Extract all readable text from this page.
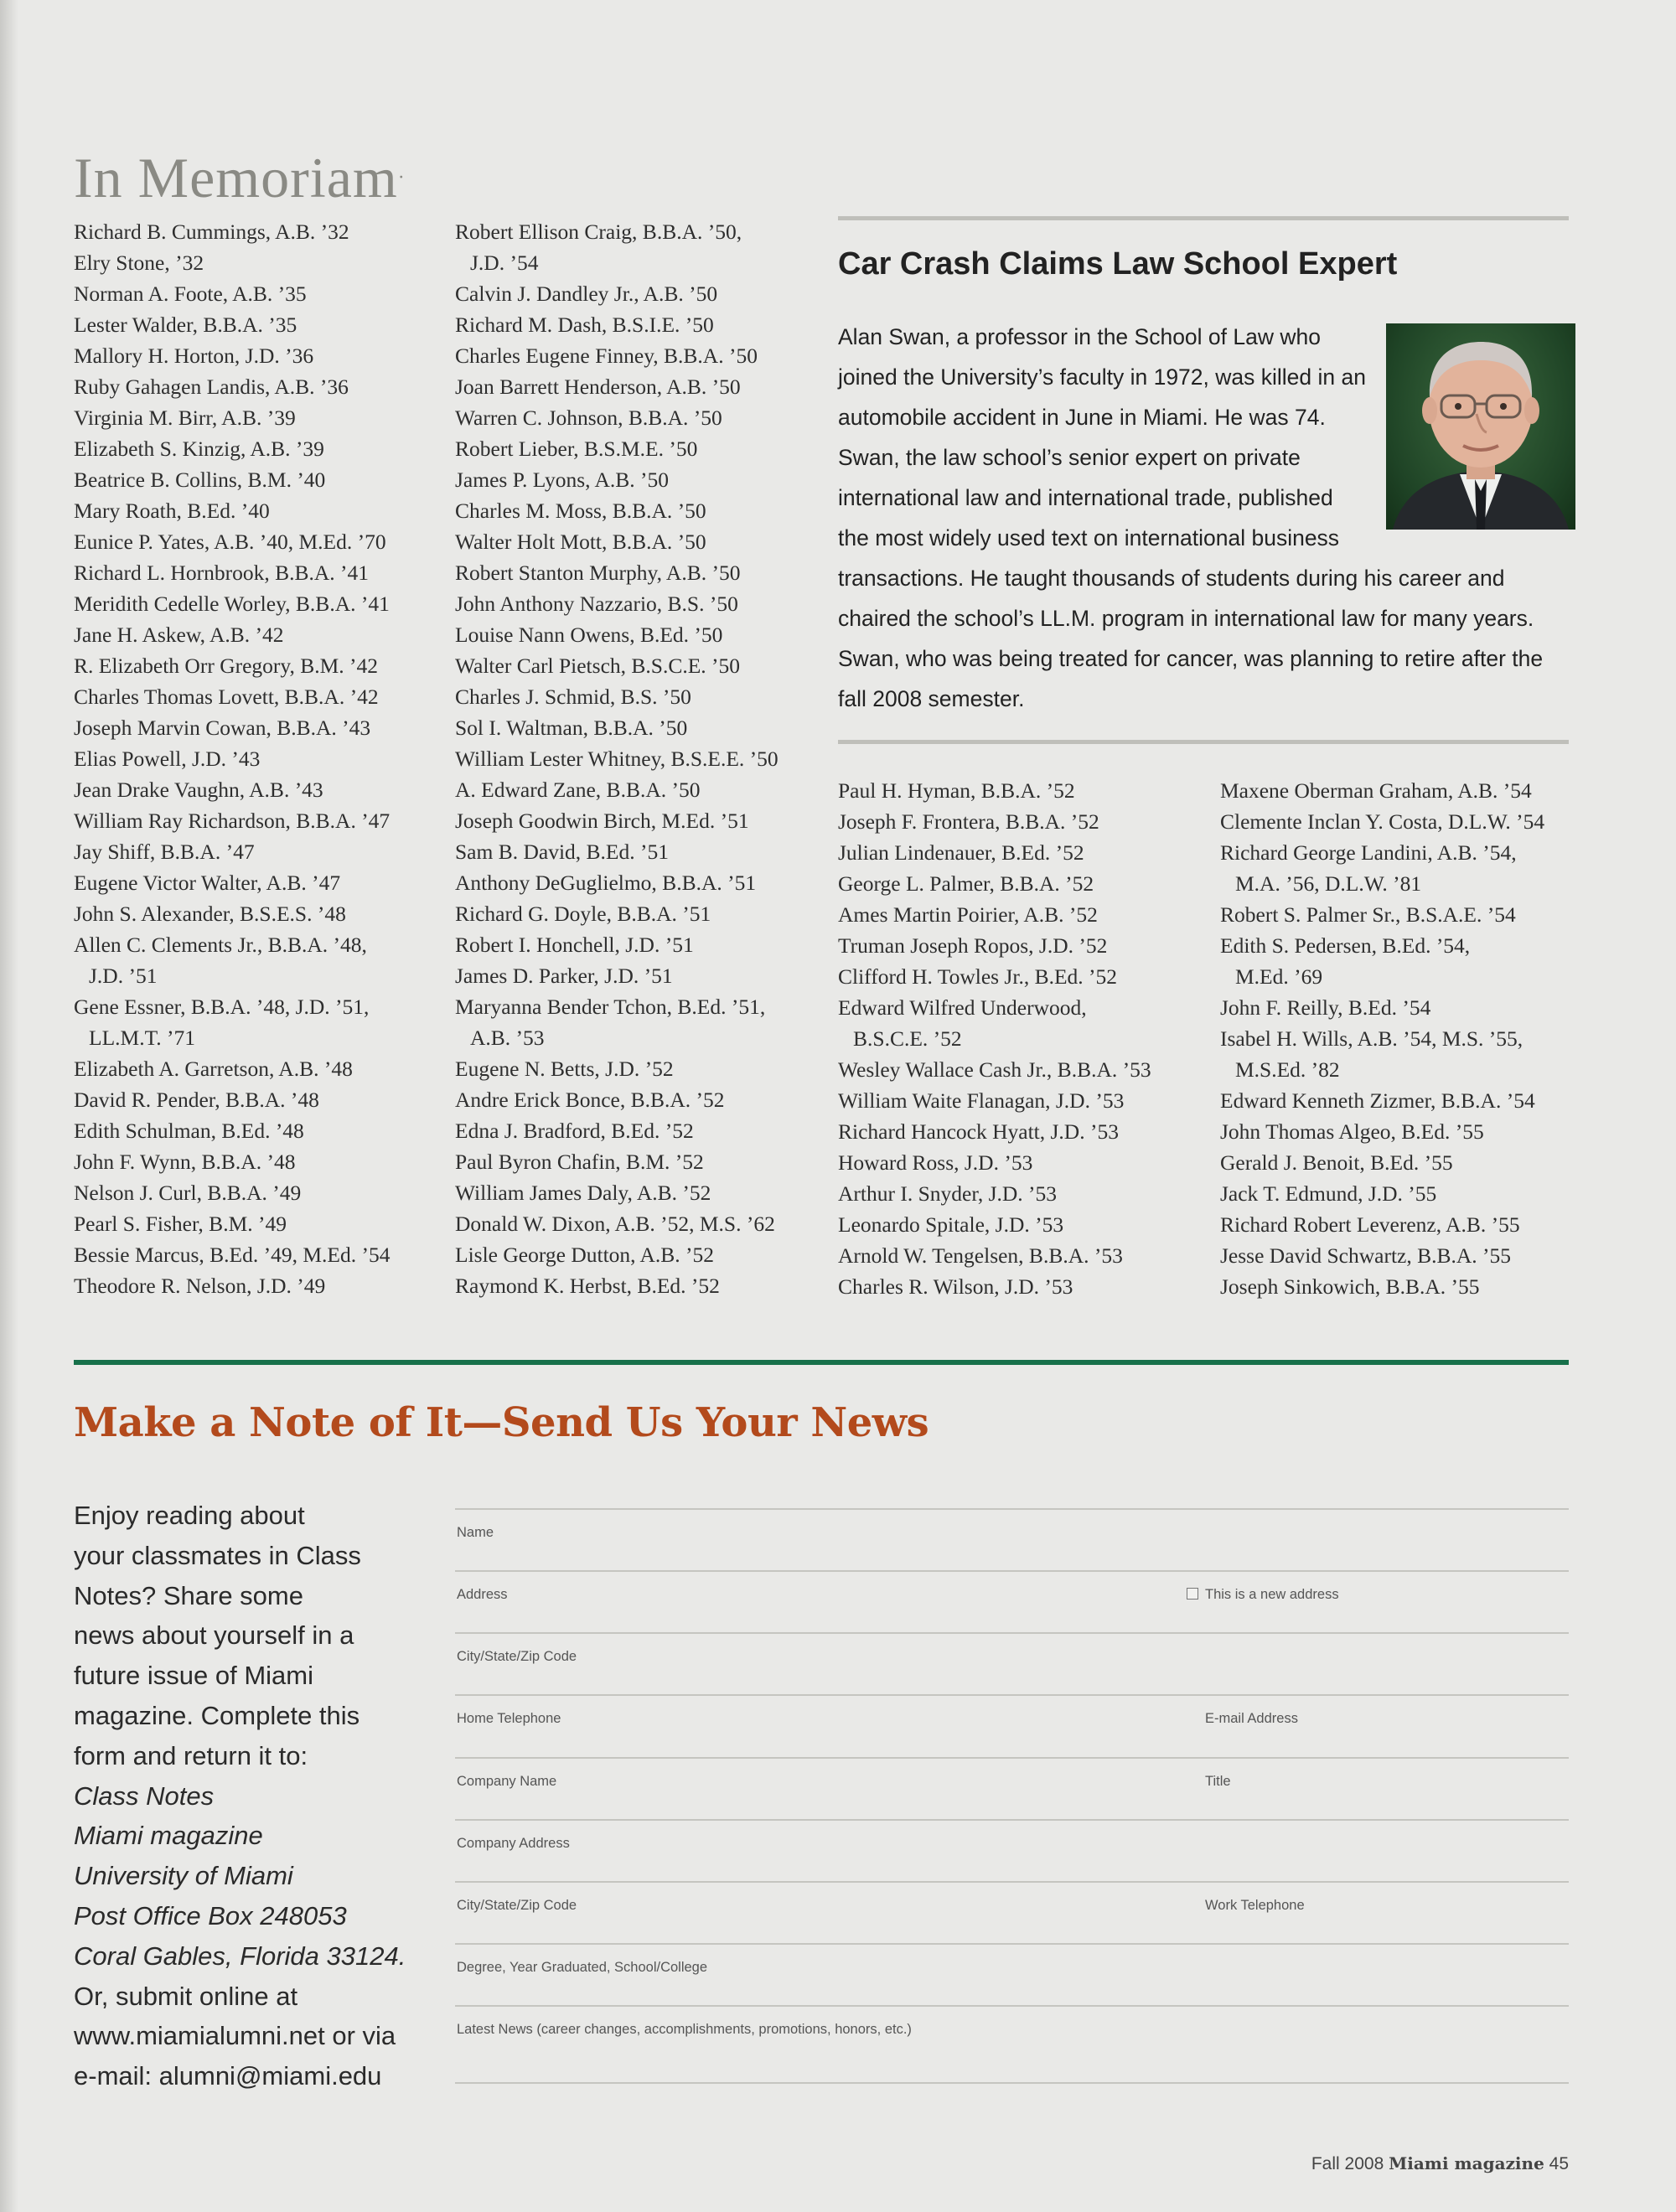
In Memoriam·
Richard B. Cummings, A.B. ’32
Elry Stone, ’32
Norman A. Foote, A.B. ’35
Lester Walder, B.B.A. ’35
Mallory H. Horton, J.D. ’36
Ruby Gahagen Landis, A.B. ’36
Virginia M. Birr, A.B. ’39
Elizabeth S. Kinzig, A.B. ’39
Beatrice B. Collins, B.M. ’40
Mary Roath, B.Ed. ’40
Eunice P. Yates, A.B. ’40, M.Ed. ’70
Richard L. Hornbrook, B.B.A. ’41
Meridith Cedelle Worley, B.B.A. ’41
Jane H. Askew, A.B. ’42
R. Elizabeth Orr Gregory, B.M. ’42
Charles Thomas Lovett, B.B.A. ’42
Joseph Marvin Cowan, B.B.A. ’43
Elias Powell, J.D. ’43
Jean Drake Vaughn, A.B. ’43
William Ray Richardson, B.B.A. ’47
Jay Shiff, B.B.A. ’47
Eugene Victor Walter, A.B. ’47
John S. Alexander, B.S.E.S. ’48
Allen C. Clements Jr., B.B.A. ’48,
J.D. ’51
Gene Essner, B.B.A. ’48, J.D. ’51,
LL.M.T. ’71
Elizabeth A. Garretson, A.B. ’48
David R. Pender, B.B.A. ’48
Edith Schulman, B.Ed. ’48
John F. Wynn, B.B.A. ’48
Nelson J. Curl, B.B.A. ’49
Pearl S. Fisher, B.M. ’49
Bessie Marcus, B.Ed. ’49, M.Ed. ’54
Theodore R. Nelson, J.D. ’49
Robert Ellison Craig, B.B.A. ’50,
J.D. ’54
Calvin J. Dandley Jr., A.B. ’50
Richard M. Dash, B.S.I.E. ’50
Charles Eugene Finney, B.B.A. ’50
Joan Barrett Henderson, A.B. ’50
Warren C. Johnson, B.B.A. ’50
Robert Lieber, B.S.M.E. ’50
James P. Lyons, A.B. ’50
Charles M. Moss, B.B.A. ’50
Walter Holt Mott, B.B.A. ’50
Robert Stanton Murphy, A.B. ’50
John Anthony Nazzario, B.S. ’50
Louise Nann Owens, B.Ed. ’50
Walter Carl Pietsch, B.S.C.E. ’50
Charles J. Schmid, B.S. ’50
Sol I. Waltman, B.B.A. ’50
William Lester Whitney, B.S.E.E. ’50
A. Edward Zane, B.B.A. ’50
Joseph Goodwin Birch, M.Ed. ’51
Sam B. David, B.Ed. ’51
Anthony DeGuglielmo, B.B.A. ’51
Richard G. Doyle, B.B.A. ’51
Robert I. Honchell, J.D. ’51
James D. Parker, J.D. ’51
Maryanna Bender Tchon, B.Ed. ’51,
A.B. ’53
Eugene N. Betts, J.D. ’52
Andre Erick Bonce, B.B.A. ’52
Edna J. Bradford, B.Ed. ’52
Paul Byron Chafin, B.M. ’52
William James Daly, A.B. ’52
Donald W. Dixon, A.B. ’52, M.S. ’62
Lisle George Dutton, A.B. ’52
Raymond K. Herbst, B.Ed. ’52
Paul H. Hyman, B.B.A. ’52
Joseph F. Frontera, B.B.A. ’52
Julian Lindenauer, B.Ed. ’52
George L. Palmer, B.B.A. ’52
Ames Martin Poirier, A.B. ’52
Truman Joseph Ropos, J.D. ’52
Clifford H. Towles Jr., B.Ed. ’52
Edward Wilfred Underwood,
B.S.C.E. ’52
Wesley Wallace Cash Jr., B.B.A. ’53
William Waite Flanagan, J.D. ’53
Richard Hancock Hyatt, J.D. ’53
Howard Ross, J.D. ’53
Arthur I. Snyder, J.D. ’53
Leonardo Spitale, J.D. ’53
Arnold W. Tengelsen, B.B.A. ’53
Charles R. Wilson, J.D. ’53
Maxene Oberman Graham, A.B. ’54
Clemente Inclan Y. Costa, D.L.W. ’54
Richard George Landini, A.B. ’54,
M.A. ’56, D.L.W. ’81
Robert S. Palmer Sr., B.S.A.E. ’54
Edith S. Pedersen, B.Ed. ’54,
M.Ed. ’69
John F. Reilly, B.Ed. ’54
Isabel H. Wills, A.B. ’54, M.S. ’55,
M.S.Ed. ’82
Edward Kenneth Zizmer, B.B.A. ’54
John Thomas Algeo, B.Ed. ’55
Gerald J. Benoit, B.Ed. ’55
Jack T. Edmund, J.D. ’55
Richard Robert Leverenz, A.B. ’55
Jesse David Schwartz, B.B.A. ’55
Joseph Sinkowich, B.B.A. ’55
Car Crash Claims Law School Expert
Alan Swan, a professor in the School of Law who joined the University’s faculty in 1972, was killed in an automobile accident in June in Miami. He was 74. Swan, the law school’s senior expert on private international law and international trade, published the most widely used text on international business transactions. He taught thousands of students during his career and chaired the school’s LL.M. program in international law for many years. Swan, who was being treated for cancer, was planning to retire after the fall 2008 semester.
Make a Note of It—Send Us Your News
Enjoy reading about
your classmates in Class
Notes? Share some
news about yourself in a
future issue of Miami
magazine. Complete this
form and return it to:
Class Notes
Miami magazine
University of Miami
Post Office Box 248053
Coral Gables, Florida 33124.
Or, submit online at
www.miamialumni.net or via
e-mail: alumni@miami.edu
Name
Address	This is a new address
City/State/Zip Code
Home Telephone	E-mail Address
Company Name	Title
Company Address
City/State/Zip Code	Work Telephone
Degree, Year Graduated, School/College
Latest News (career changes, accomplishments, promotions, honors, etc.)
Fall 2008 Miami magazine 45
